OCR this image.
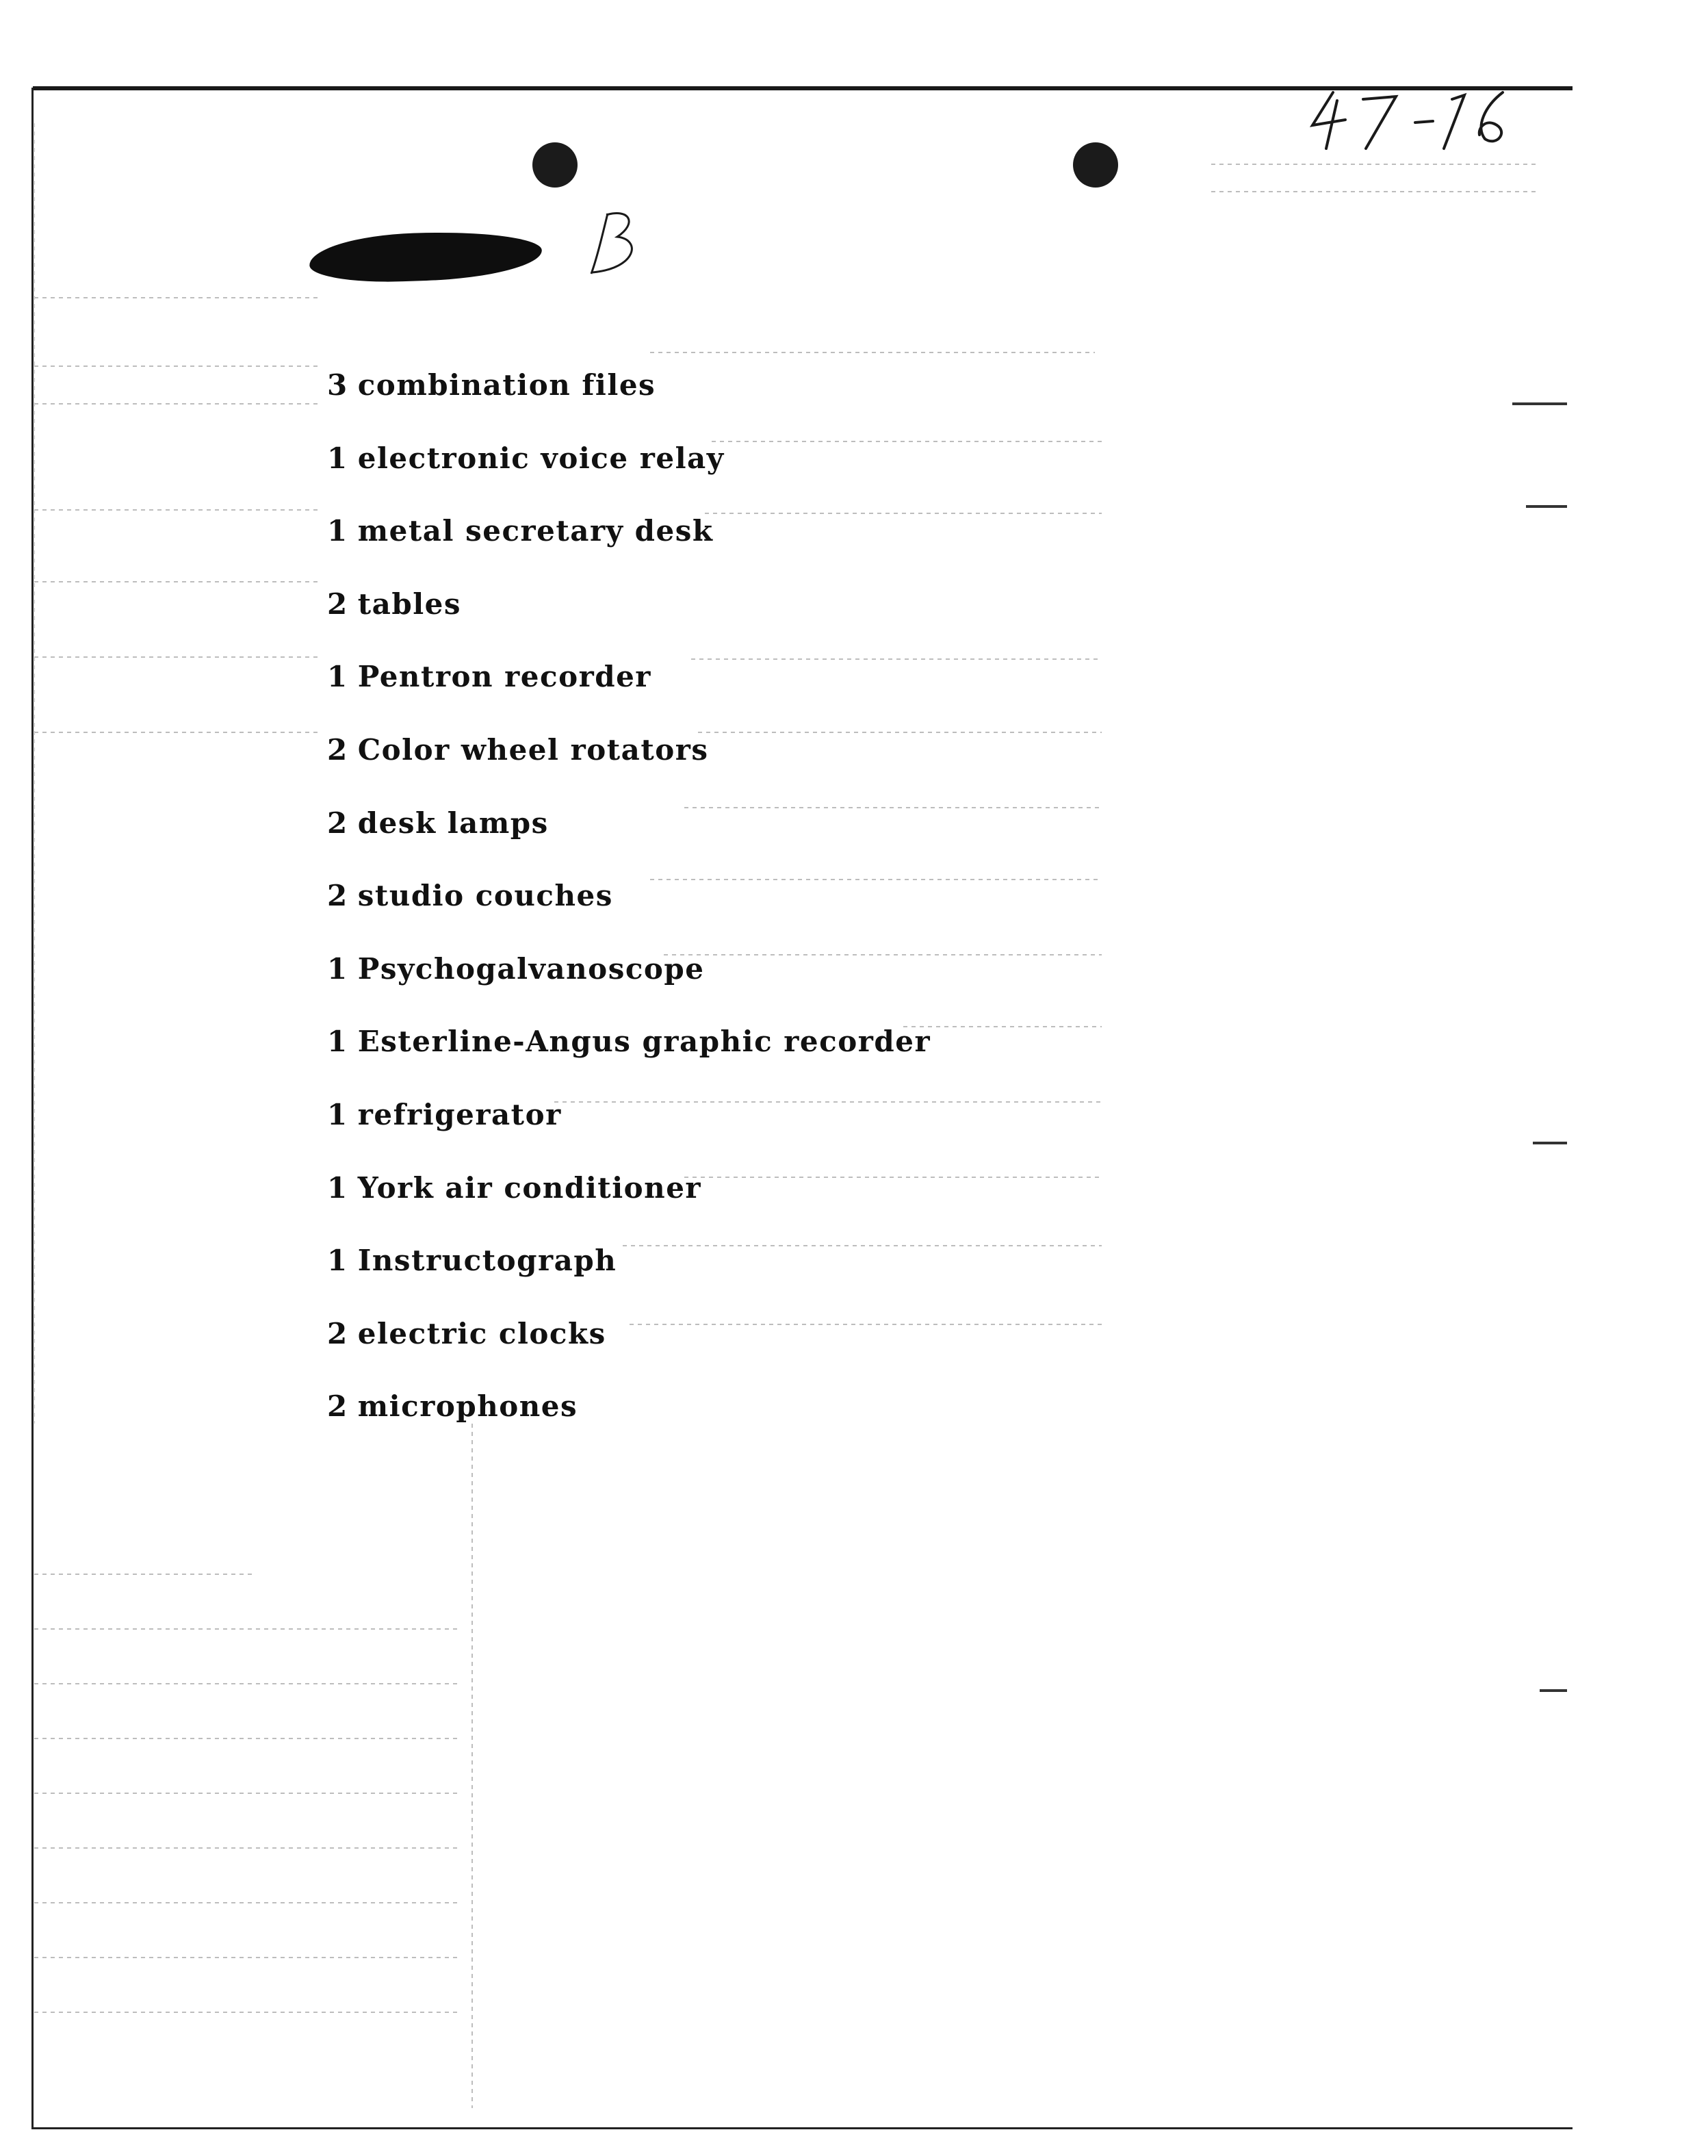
3 combination files
1 electronic voice relay
1 metal secretary desk
2 tables
1 Pentron recorder
2 Color wheel rotators
2 desk lamps
2 studio couches
1 Psychogalvanoscope
1 Esterline-Angus graphic recorder
1 refrigerator
1 York air conditioner
1 Instructograph
2 electric clocks
2 microphones
